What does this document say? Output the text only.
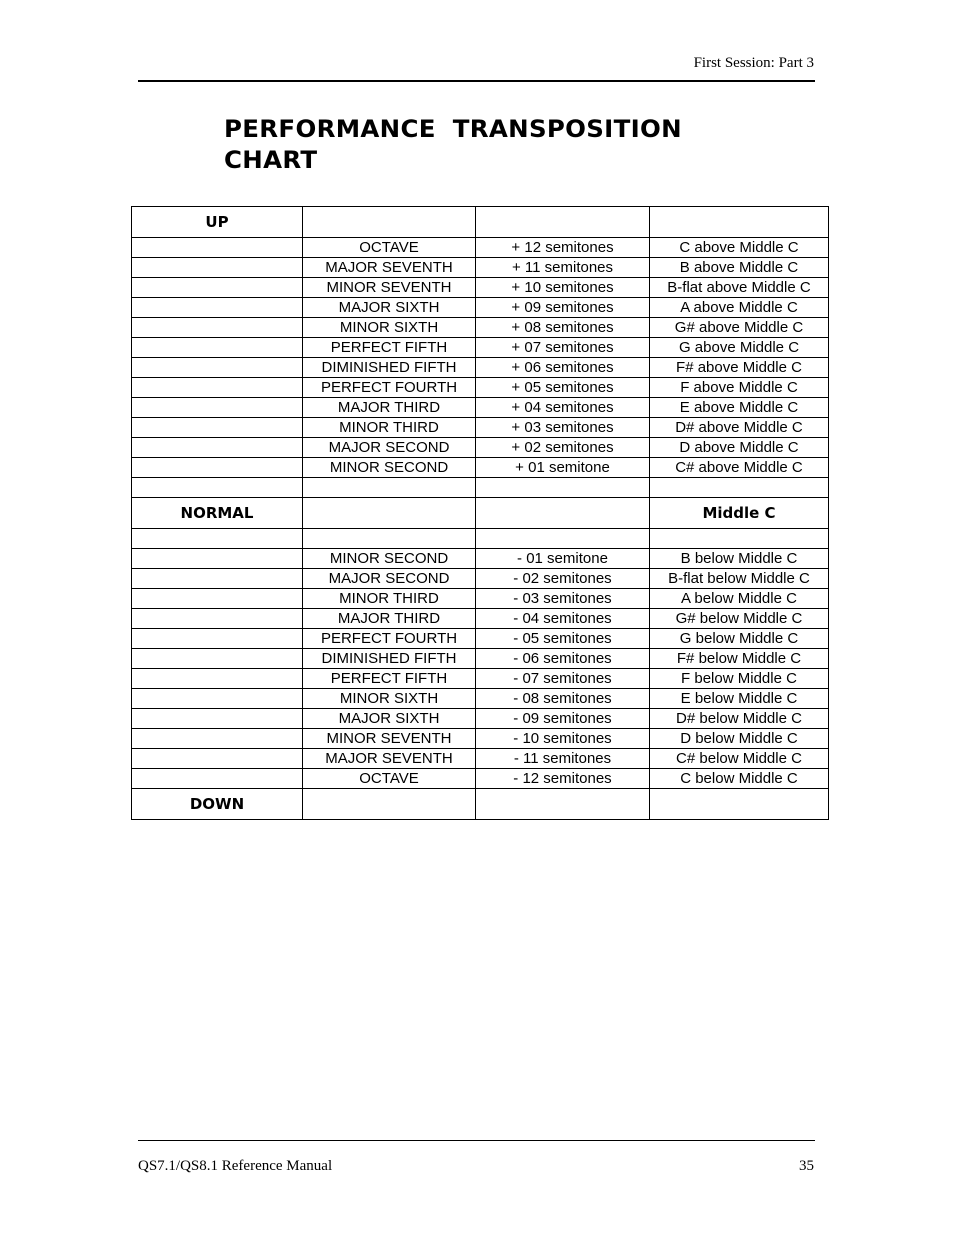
First Session: Part 3
PERFORMANCE TRANSPOSITION CHART
UP			
	OCTAVE	+ 12 semitones	C above Middle C
	MAJOR SEVENTH	+ 11 semitones	B above Middle C
	MINOR SEVENTH	+ 10 semitones	B-flat above Middle C
	MAJOR SIXTH	+ 09 semitones	A above Middle C
	MINOR SIXTH	+ 08 semitones	G# above Middle C
	PERFECT FIFTH	+ 07 semitones	G above Middle C
	DIMINISHED FIFTH	+ 06 semitones	F# above Middle C
	PERFECT FOURTH	+ 05 semitones	F above Middle C
	MAJOR THIRD	+ 04 semitones	E above Middle C
	MINOR THIRD	+ 03 semitones	D# above Middle C
	MAJOR SECOND	+ 02 semitones	D above Middle C
	MINOR SECOND	+ 01 semitone	C# above Middle C

NORMAL			Middle C

	MINOR SECOND	- 01 semitone	B below Middle C
	MAJOR SECOND	- 02 semitones	B-flat below Middle C
	MINOR THIRD	- 03 semitones	A below Middle C
	MAJOR THIRD	- 04 semitones	G# below Middle C
	PERFECT FOURTH	- 05 semitones	G below Middle C
	DIMINISHED FIFTH	- 06 semitones	F# below Middle C
	PERFECT FIFTH	- 07 semitones	F below Middle C
	MINOR SIXTH	- 08 semitones	E below Middle C
	MAJOR SIXTH	- 09 semitones	D# below Middle C
	MINOR SEVENTH	- 10 semitones	D below Middle C
	MAJOR SEVENTH	- 11 semitones	C# below Middle C
	OCTAVE	- 12 semitones	C below Middle C
DOWN			
QS7.1/QS8.1 Reference Manual	35
